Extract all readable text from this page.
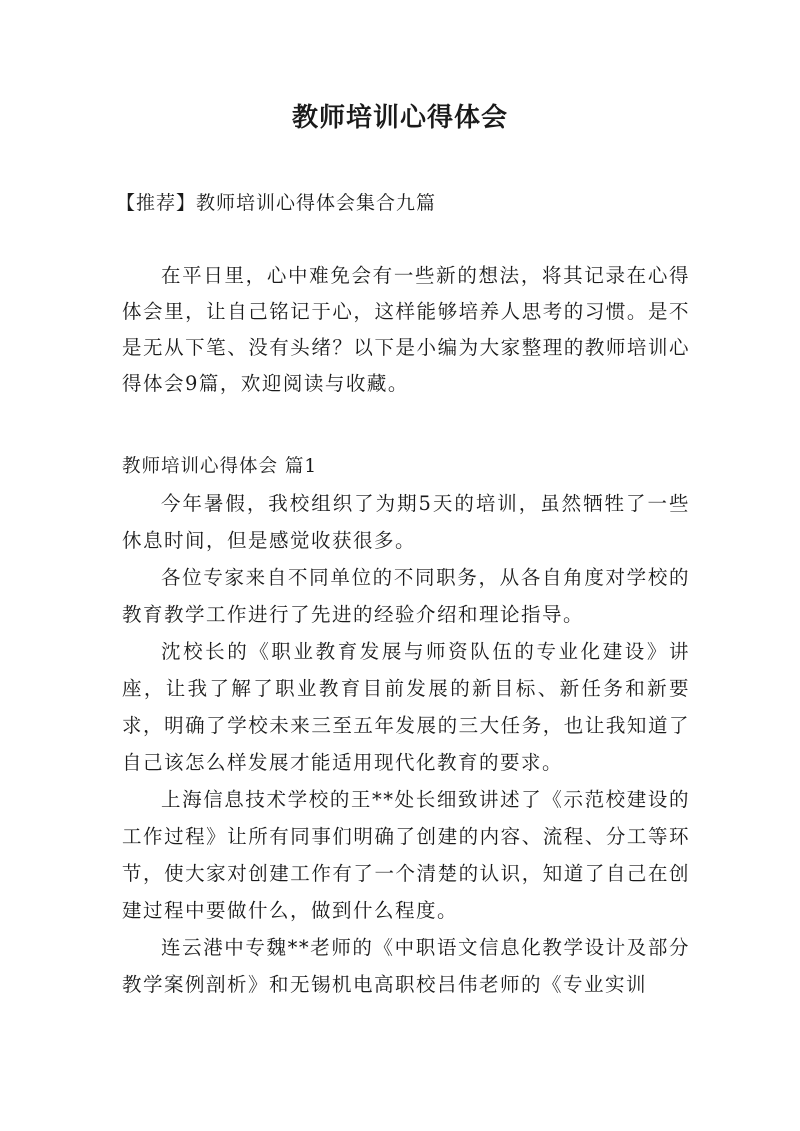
教师培训心得体会
【推荐】教师培训心得体会集合九篇

在平日里，心中难免会有一些新的想法，将其记录在心得体会里，让自己铭记于心，这样能够培养人思考的习惯。是不是无从下笔、没有头绪？以下是小编为大家整理的教师培训心得体会9篇，欢迎阅读与收藏。

教师培训心得体会 篇1

今年暑假，我校组织了为期5天的培训，虽然牺牲了一些休息时间，但是感觉收获很多。

各位专家来自不同单位的不同职务，从各自角度对学校的教育教学工作进行了先进的经验介绍和理论指导。

沈校长的《职业教育发展与师资队伍的专业化建设》讲座，让我了解了职业教育目前发展的新目标、新任务和新要求，明确了学校未来三至五年发展的三大任务，也让我知道了自己该怎么样发展才能适用现代化教育的要求。

上海信息技术学校的王**处长细致讲述了《示范校建设的工作过程》让所有同事们明确了创建的内容、流程、分工等环节，使大家对创建工作有了一个清楚的认识，知道了自己在创建过程中要做什么，做到什么程度。

连云港中专魏**老师的《中职语文信息化教学设计及部分教学案例剖析》和无锡机电高职校吕伟老师的《专业实训
